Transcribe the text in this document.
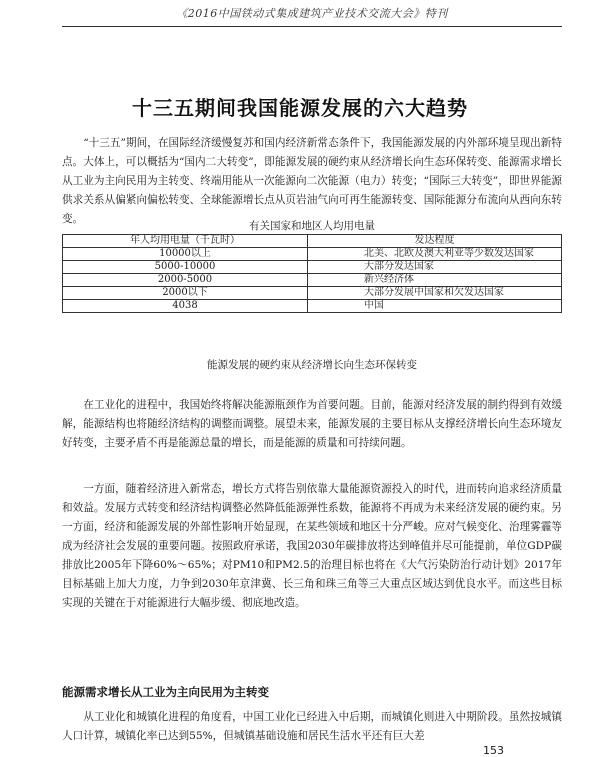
《2016中国铁动式集成建筑产业技术交流大会》特刊
十三五期间我国能源发展的六大趋势

“十三五”期间，在国际经济缓慢复苏和国内经济新常态条件下，我国能源发展的内外部环境呈现出新特点。大体上，可以概括为“国内二大转变”，即能源发展的硬约束从经济增长向生态环保转变、能源需求增长从工业为主向民用为主转变、终端用能从一次能源向二次能源（电力）转变；“国际三大转变”，即世界能源供求关系从偏紧向偏松转变、全球能源增长点从页岩油气向可再生能源转变、国际能源分布流向从西向东转变。

有关国家和地区人均用电量
年人均用电量（千瓦时）	发达程度
10000以上	北美、北欧及澳大利亚等少数发达国家
5000-10000	大部分发达国家
2000-5000	新兴经济体
2000以下	大部分发展中国家和欠发达国家
4038	中国
能源发展的硬约束从经济增长向生态环保转变

在工业化的进程中，我国始终将解决能源瓶颈作为首要问题。目前，能源对经济发展的制约得到有效缓解，能源结构也将随经济结构的调整而调整。展望未来，能源发展的主要目标从支撑经济增长向生态环境友好转变，主要矛盾不再是能源总量的增长，而是能源的质量和可持续问题。

一方面，随着经济进入新常态，增长方式将告别依靠大量能源资源投入的时代，进而转向追求经济质量和效益。发展方式转变和经济结构调整必然降低能源弹性系数，能源将不再成为未来经济发展的硬约束。另一方面，经济和能源发展的外部性影响开始显现，在某些领域和地区十分严峻。应对气候变化、治理雾霾等成为经济社会发展的重要问题。按照政府承诺，我国2030年碳排放将达到峰值并尽可能提前，单位GDP碳排放比2005年下降60%～65%；对PM10和PM2.5的治理目标也将在《大气污染防治行动计划》2017年目标基础上加大力度，力争到2030年京津冀、长三角和珠三角等三大重点区域达到优良水平。而这些目标实现的关键在于对能源进行大幅步缓、彻底地改造。

能源需求增长从工业为主向民用为主转变

从工业化和城镇化进程的角度看，中国工业化已经进入中后期，而城镇化则进入中期阶段。虽然按城镇人口计算，城镇化率已达到55%，但城镇基础设施和居民生活水平还有巨大差

153
